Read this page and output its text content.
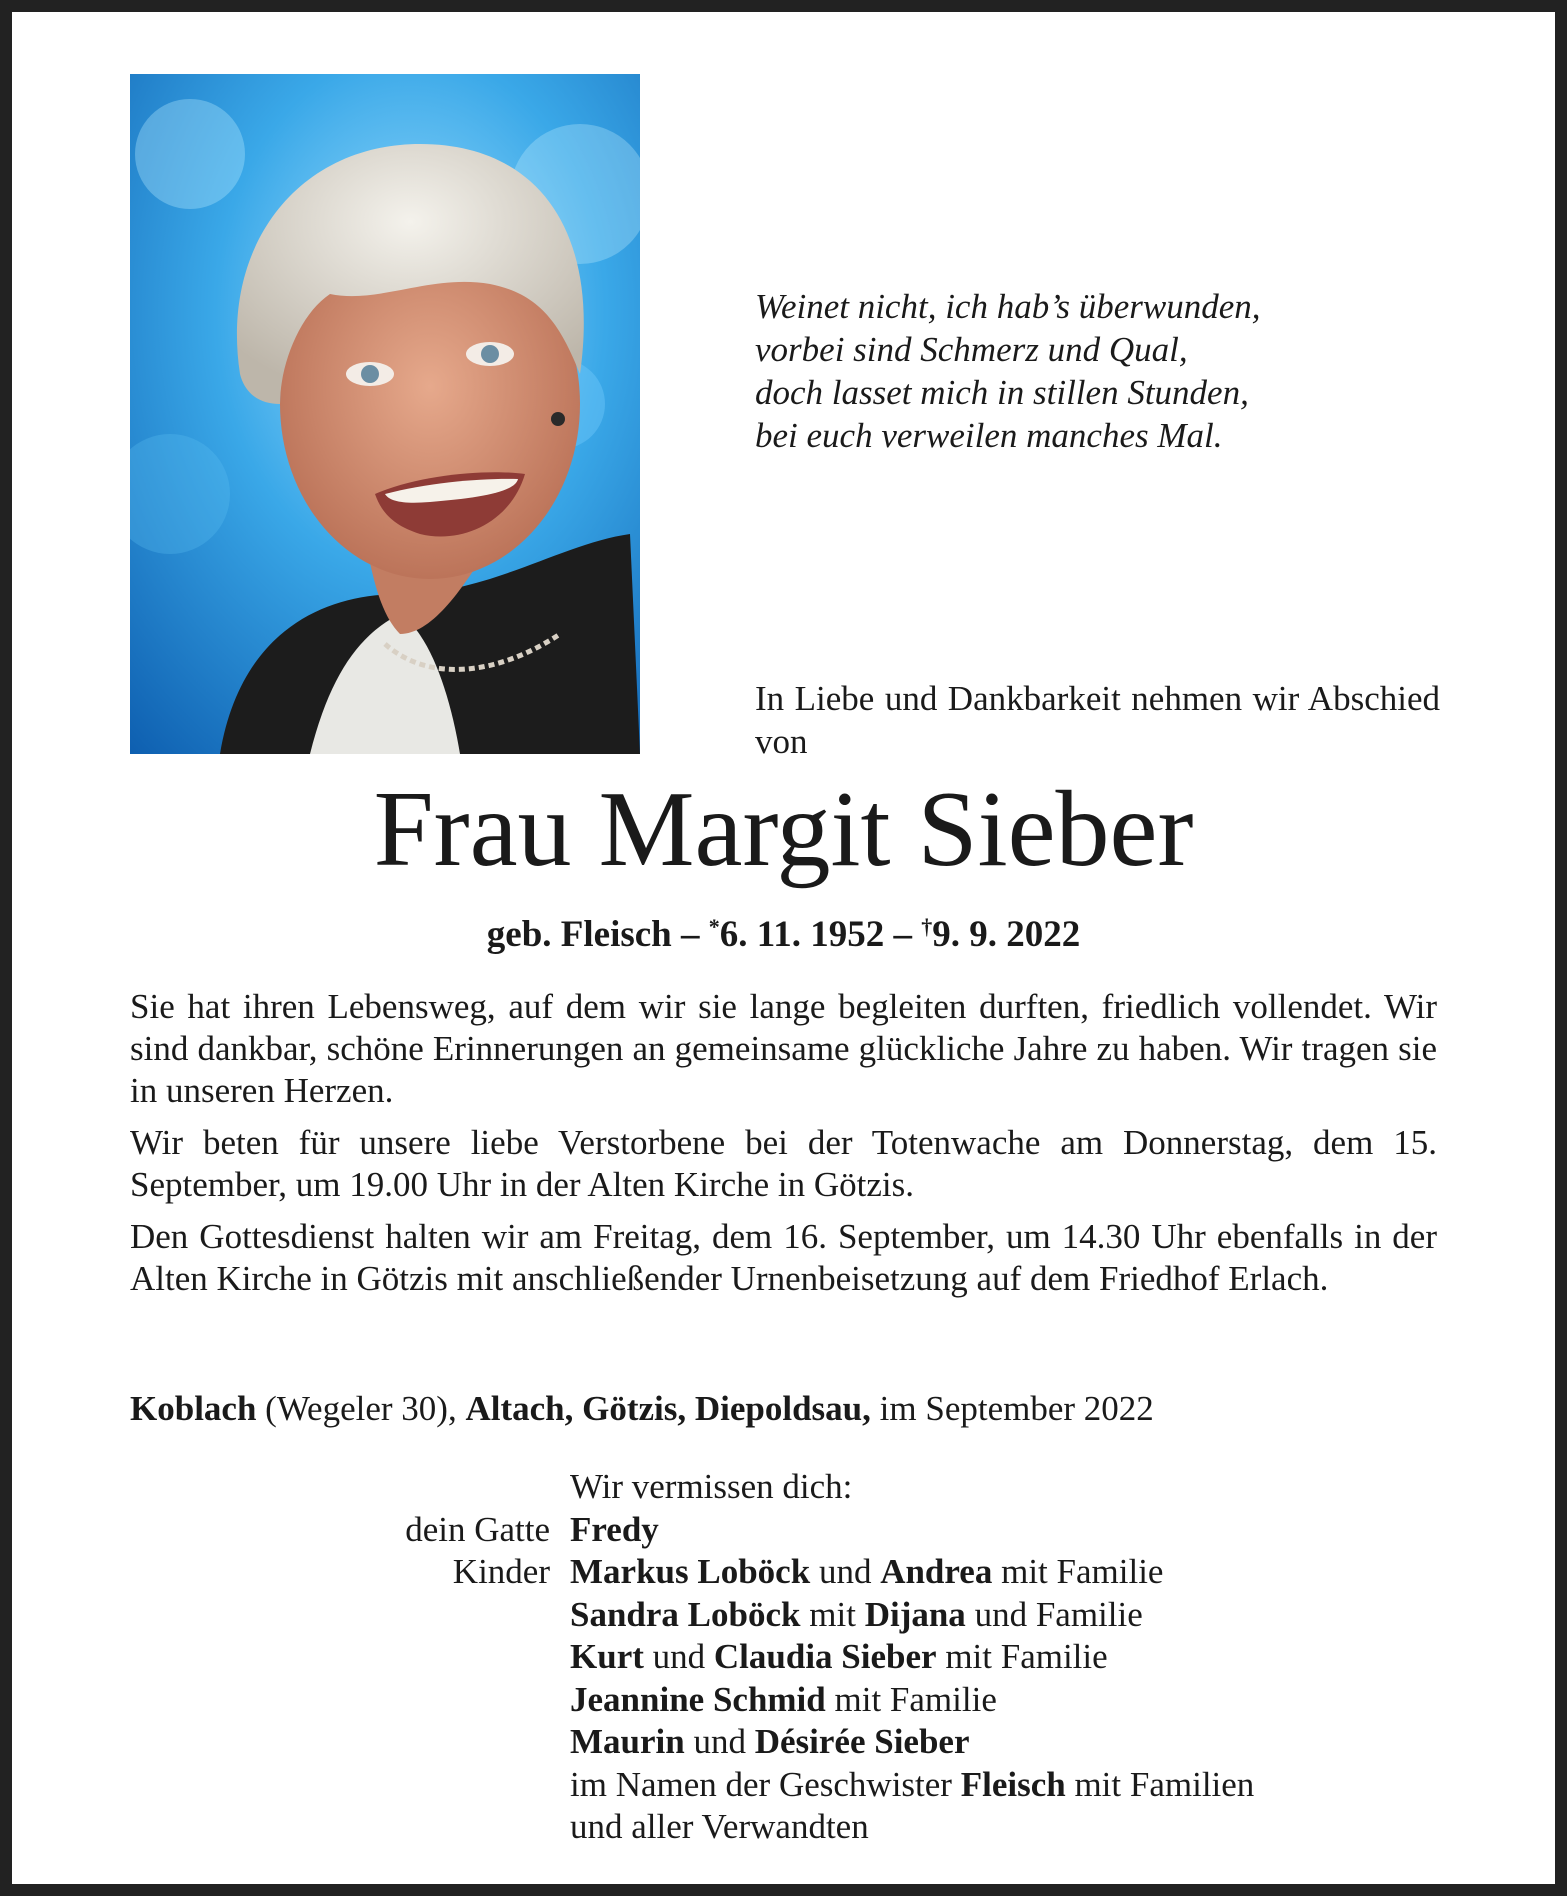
Weinet nicht, ich hab’s überwunden,
vorbei sind Schmerz und Qual,
doch lasset mich in stillen Stunden,
bei euch verweilen manches Mal.
In Liebe und Dankbarkeit nehmen wir Abschied von
Frau Margit Sieber
geb. Fleisch – *6. 11. 1952 – †9. 9. 2022

Sie hat ihren Lebensweg, auf dem wir sie lange begleiten durften, friedlich vollendet. Wir sind dankbar, schöne Erinnerungen an gemeinsame glückliche Jahre zu haben. Wir tragen sie in unseren Herzen.

Wir beten für unsere liebe Verstorbene bei der Totenwache am Donnerstag, dem 15. September, um 19.00 Uhr in der Alten Kirche in Götzis.

Den Gottesdienst halten wir am Freitag, dem 16. September, um 14.30 Uhr ebenfalls in der Alten Kirche in Götzis mit anschließender Urnenbeisetzung auf dem Friedhof Erlach.

Koblach (Wegeler 30), Altach, Götzis, Diepoldsau, im September 2022
Wir vermissen dich:
dein Gatte Fredy
Kinder Markus Loböck und Andrea mit Familie
Sandra Loböck mit Dijana und Familie
Kurt und Claudia Sieber mit Familie
Jeannine Schmid mit Familie
Maurin und Désirée Sieber
im Namen der Geschwister Fleisch mit Familien
und aller Verwandten
